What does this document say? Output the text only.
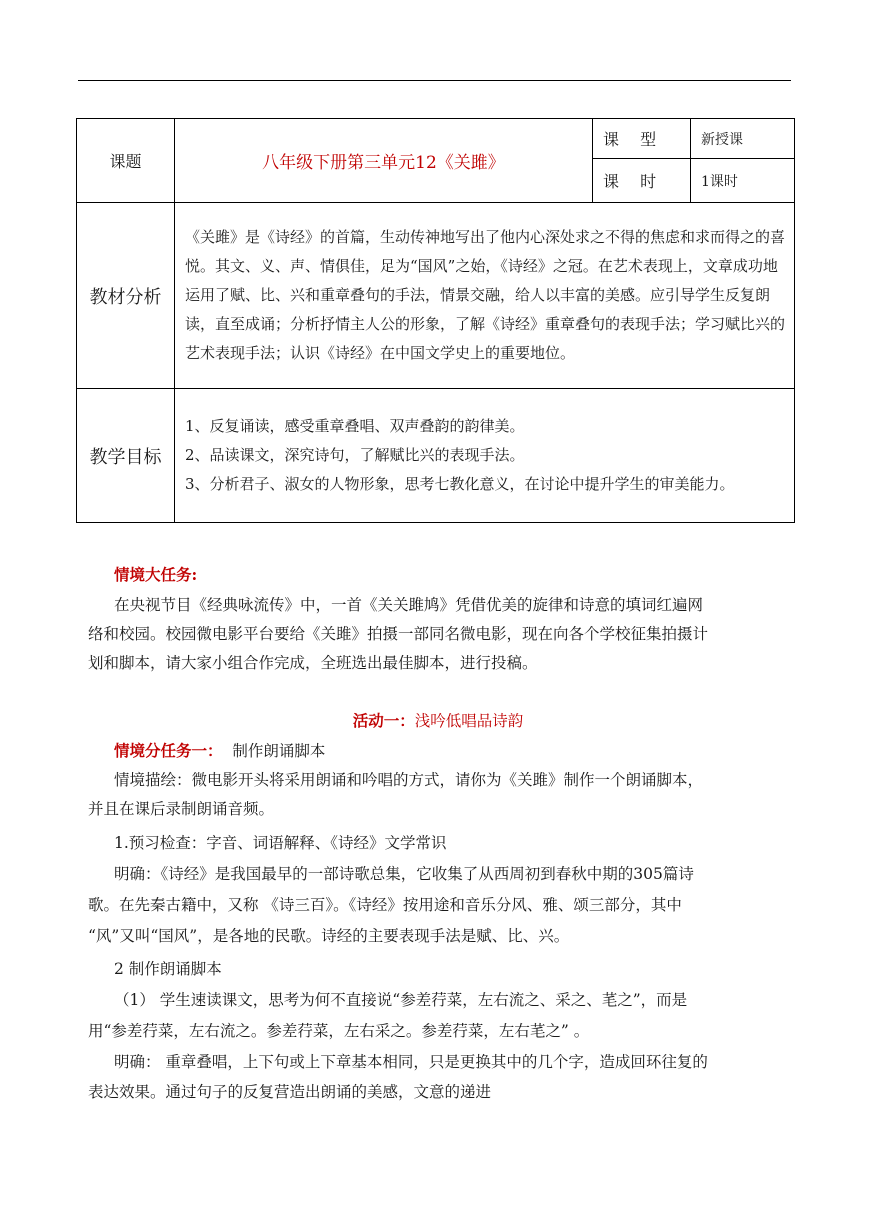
课题	八年级下册第三单元12《关雎》	课 型	新授课
		课 时	1课时
教材分析	《关雎》是《诗经》的首篇，生动传神地写出了他内心深处求之不得的焦虑和求而得之的喜悦。其文、义、声、情俱佳，足为“国风”之始，《诗经》之冠。在艺术表现上，文章成功地运用了赋、比、兴和重章叠句的手法，情景交融，给人以丰富的美感。应引导学生反复朗读，直至成诵；分析抒情主人公的形象，了解《诗经》重章叠句的表现手法；学习赋比兴的艺术表现手法；认识《诗经》在中国文学史上的重要地位。		
教学目标	1、反复诵读，感受重章叠唱、双声叠韵的韵律美。
2、品读课文，深究诗句，了解赋比兴的表现手法。
3、分析君子、淑女的人物形象，思考七教化意义，在讨论中提升学生的审美能力。		
情境大任务:
在央视节目《经典咏流传》中，一首《关关雎鸠》凭借优美的旋律和诗意的填词红遍网
络和校园。校园微电影平台要给《关雎》拍摄一部同名微电影，现在向各个学校征集拍摄计
划和脚本，请大家小组合作完成，全班选出最佳脚本，进行投稿。
活动一：浅吟低唱品诗韵
情境分任务一：  制作朗诵脚本
情境描绘：微电影开头将采用朗诵和吟唱的方式，请你为《关雎》制作一个朗诵脚本，
并且在课后录制朗诵音频。
1.预习检查：字音、词语解释、《诗经》文学常识
明确：《诗经》是我国最早的一部诗歌总集，它收集了从西周初到春秋中期的305篇诗
歌。在先秦古籍中，又称 《诗三百》。《诗经》按用途和音乐分风、雅、颂三部分，其中
“风”又叫“国风”，是各地的民歌。诗经的主要表现手法是赋、比、兴。
2 制作朗诵脚本
（1） 学生速读课文，思考为何不直接说“参差荇菜，左右流之、采之、芼之”，而是
用“参差荇菜，左右流之。参差荇菜，左右采之。参差荇菜，左右芼之” 。
明确： 重章叠唱，上下句或上下章基本相同，只是更换其中的几个字，造成回环往复的
表达效果。通过句子的反复营造出朗诵的美感，文意的递进
